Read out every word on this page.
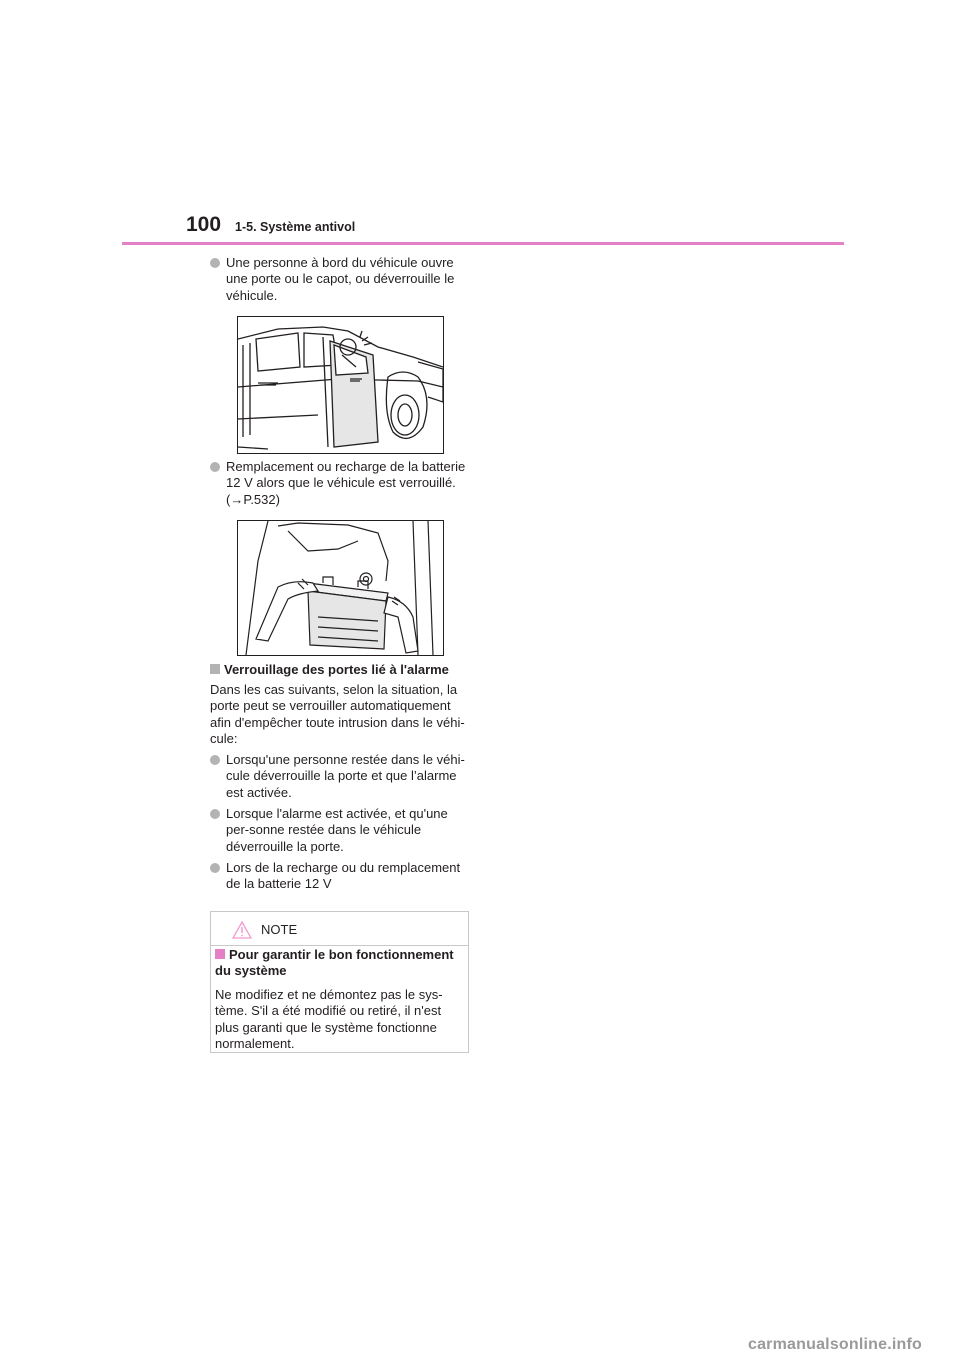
100 1-5. Système antivol
Une personne à bord du véhicule ouvre une porte ou le capot, ou déverrouille le véhicule.
Remplacement ou recharge de la batterie 12 V alors que le véhicule est verrouillé. (→P.532)
Verrouillage des portes lié à l'alarme
Dans les cas suivants, selon la situation, la porte peut se verrouiller automatiquement afin d'empêcher toute intrusion dans le véhi-cule:
Lorsqu'une personne restée dans le véhi-cule déverrouille la porte et que l’alarme est activée.
Lorsque l'alarme est activée, et qu'une per-sonne restée dans le véhicule déverrouille la porte.
Lors de la recharge ou du remplacement de la batterie 12 V
NOTE
Pour garantir le bon fonctionnement du système
Ne modifiez et ne démontez pas le sys-tème. S'il a été modifié ou retiré, il n'est plus garanti que le système fonctionne normalement.
carmanualsonline.info
